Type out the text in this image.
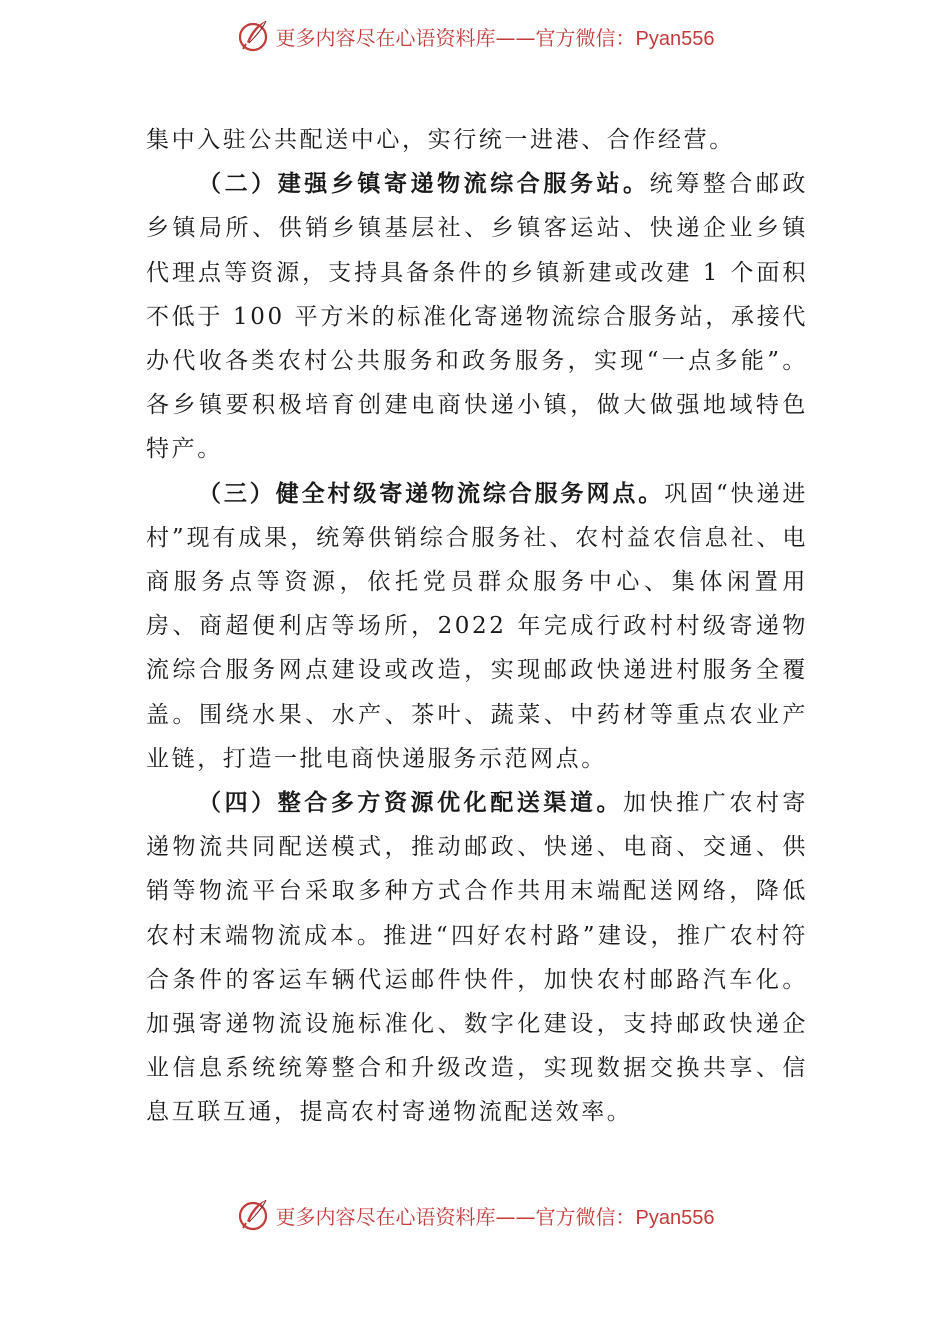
更多内容尽在心语资料库——官方微信：Pyan556

集中入驻公共配送中心，实行统一进港、合作经营。

（二）建强乡镇寄递物流综合服务站。统筹整合邮政乡镇局所、供销乡镇基层社、乡镇客运站、快递企业乡镇代理点等资源，支持具备条件的乡镇新建或改建 1 个面积不低于 100 平方米的标准化寄递物流综合服务站，承接代办代收各类农村公共服务和政务服务，实现“一点多能”。各乡镇要积极培育创建电商快递小镇，做大做强地域特色特产。

（三）健全村级寄递物流综合服务网点。巩固“快递进村”现有成果，统筹供销综合服务社、农村益农信息社、电商服务点等资源，依托党员群众服务中心、集体闲置用房、商超便利店等场所，2022 年完成行政村村级寄递物流综合服务网点建设或改造，实现邮政快递进村服务全覆盖。围绕水果、水产、茶叶、蔬菜、中药材等重点农业产业链，打造一批电商快递服务示范网点。

（四）整合多方资源优化配送渠道。加快推广农村寄递物流共同配送模式，推动邮政、快递、电商、交通、供销等物流平台采取多种方式合作共用末端配送网络，降低农村末端物流成本。推进“四好农村路”建设，推广农村符合条件的客运车辆代运邮件快件，加快农村邮路汽车化。加强寄递物流设施标准化、数字化建设，支持邮政快递企业信息系统统筹整合和升级改造，实现数据交换共享、信息互联互通，提高农村寄递物流配送效率。

更多内容尽在心语资料库——官方微信：Pyan556
